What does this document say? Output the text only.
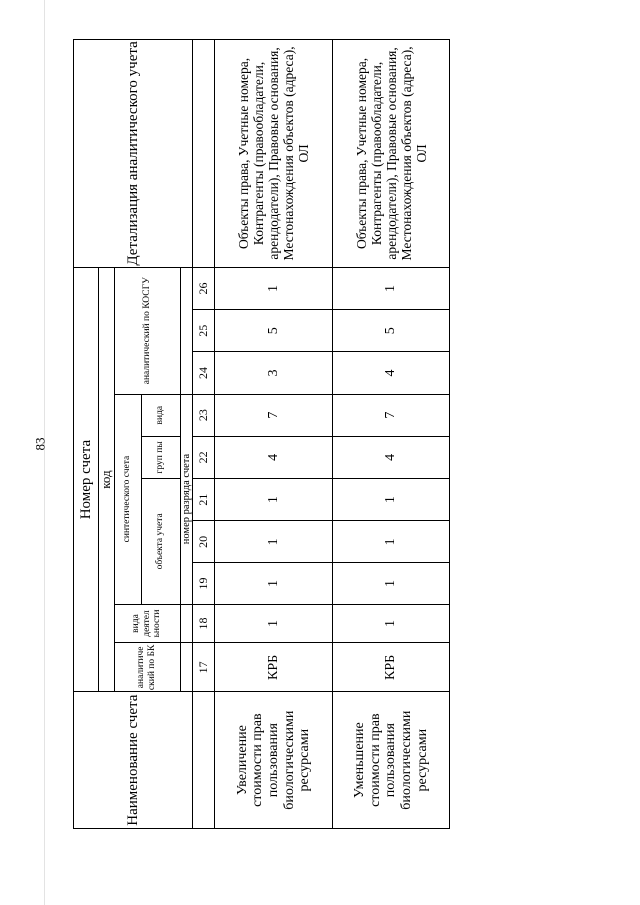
83
Наименование счета	Номер счета										Детализация аналитического учета
	код										
	аналитиче ский по БК	вида деятел ьности	синтетического счета					аналитический по КОСГУ			
			объекта учета			груп пы	вида				
			номер разряда счета								
	17	18	19	20	21	22	23	24	25	26	
Увеличение стоимости прав пользования биологическими ресурсами	КРБ	1	1	1	1	4	7	3	5	1	Объекты права, Учетные номера, Контрагенты (правообладатели, арендодатели), Правовые основания, Местонахождения объектов (адреса), ОЛ
Уменьшение стоимости прав пользования биологическими ресурсами	КРБ	1	1	1	1	4	7	4	5	1	Объекты права, Учетные номера, Контрагенты (правообладатели, арендодатели), Правовые основания, Местонахождения объектов (адреса), ОЛ
